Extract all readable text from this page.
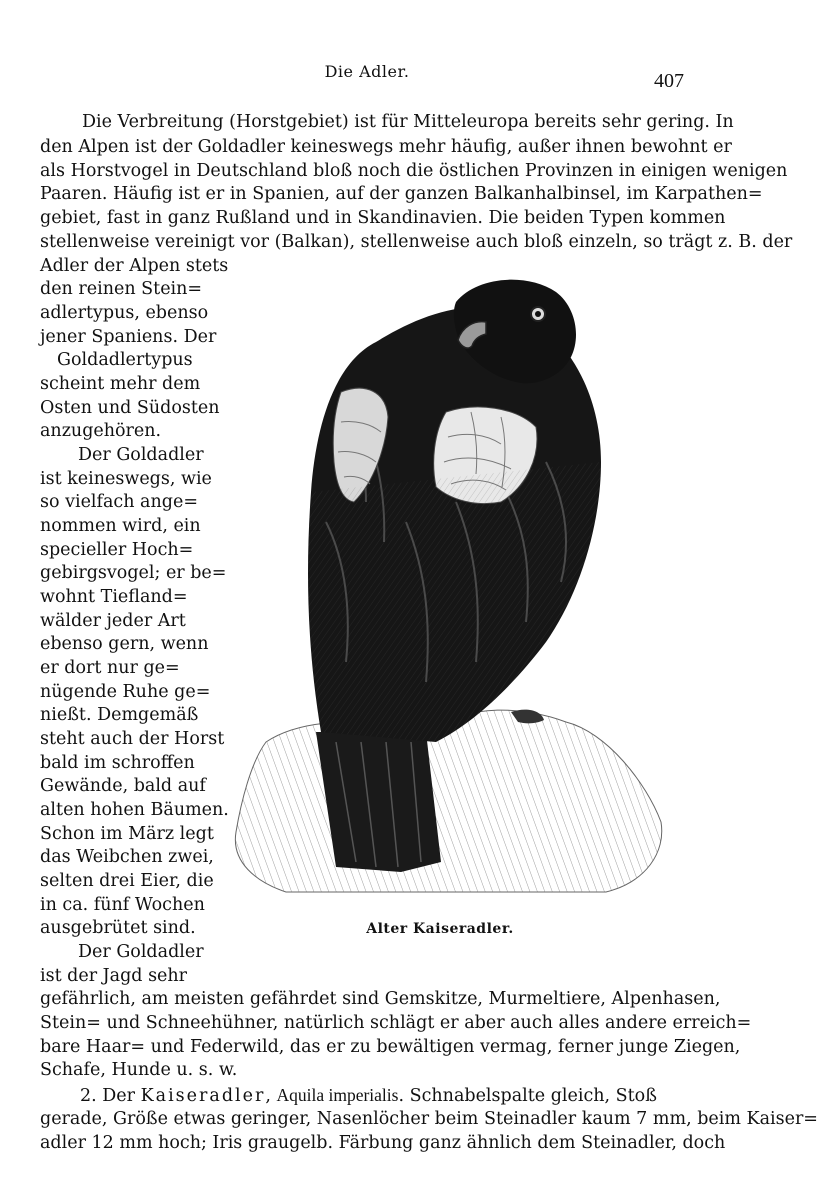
Die Adler.	407
Die Verbreitung (Horstgebiet) ist für Mitteleuropa bereits sehr gering. In
den Alpen ist der Goldadler keineswegs mehr häufig, außer ihnen bewohnt er
als Horstvogel in Deutschland bloß noch die östlichen Provinzen in einigen wenigen
Paaren. Häufig ist er in Spanien, auf der ganzen Balkanhalbinsel, im Karpathen=
gebiet, fast in ganz Rußland und in Skandinavien. Die beiden Typen kommen
stellenweise vereinigt vor (Balkan), stellenweise auch bloß einzeln, so trägt z. B. der
Adler der Alpen stets
den reinen Stein=
adlertypus, ebenso
jener Spaniens. Der
Goldadlertypus
scheint mehr dem
Osten und Südosten
anzugehören.
Der Goldadler
ist keineswegs, wie
so vielfach ange=
nommen wird, ein
specieller Hoch=
gebirgsvogel; er be=
wohnt Tiefland=
wälder jeder Art
ebenso gern, wenn
er dort nur ge=
nügende Ruhe ge=
nießt. Demgemäß
steht auch der Horst
bald im schroffen
Gewände, bald auf
alten hohen Bäumen.
Schon im März legt
das Weibchen zwei,
selten drei Eier, die
in ca. fünf Wochen
ausgebrütet sind.
Der Goldadler
ist der Jagd sehr
gefährlich, am meisten gefährdet sind Gemskitze, Murmeltiere, Alpenhasen,
Stein= und Schneehühner, natürlich schlägt er aber auch alles andere erreich=
bare Haar= und Federwild, das er zu bewältigen vermag, ferner junge Ziegen,
Schafe, Hunde u. s. w.
2. Der Kaiseradler, Aquila imperialis. Schnabelspalte gleich, Stoß
gerade, Größe etwas geringer, Nasenlöcher beim Steinadler kaum 7 mm, beim Kaiser=
adler 12 mm hoch; Iris graugelb. Färbung ganz ähnlich dem Steinadler, doch
Alter Kaiseradler.
